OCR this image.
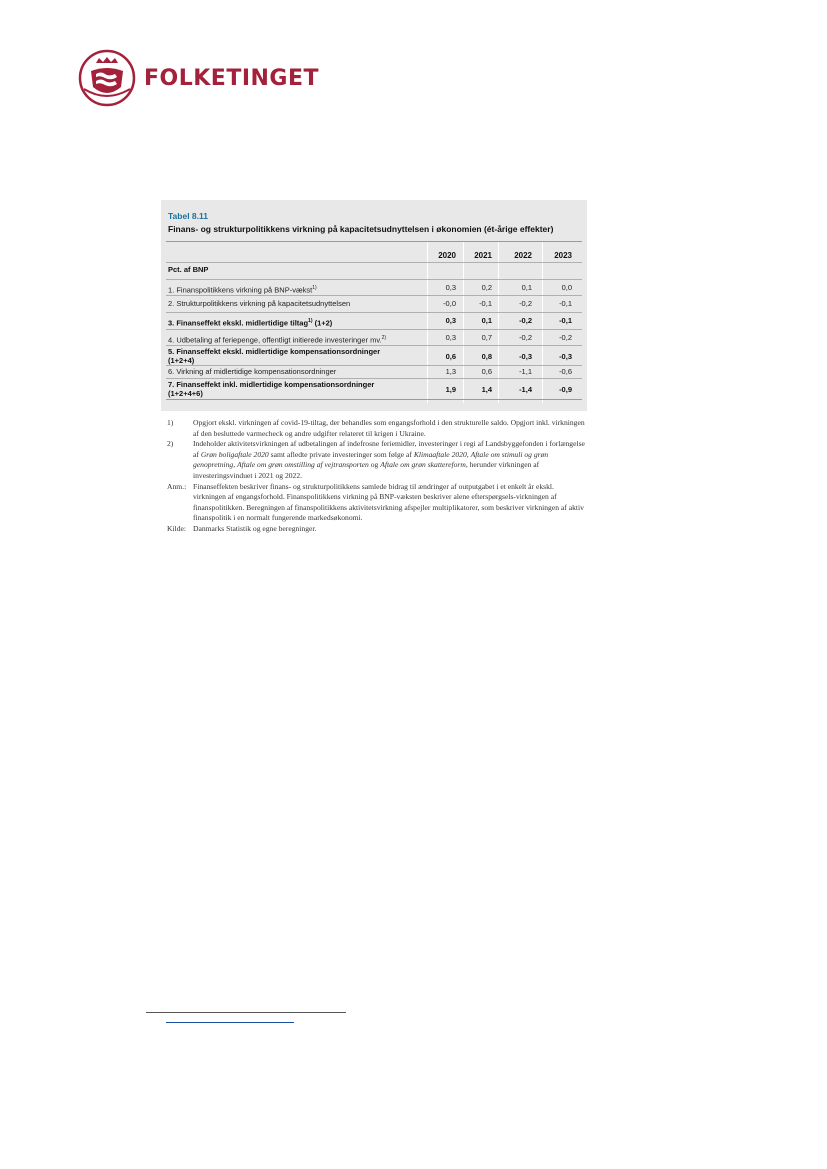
FOLKETINGET
Tabel 8.11
Finans- og strukturpolitikkens virkning på kapacitetsudnyttelsen i økonomien (ét-årige effekter)
2020	2021	2022	2023
Pct. af BNP
1. Finanspolitikkens virkning på BNP-vækst$^{1)}$	0,3	0,2	0,1	0,0
2. Strukturpolitikkens virkning på kapacitetsudnyttelsen	-0,0	-0,1	-0,2	-0,1
3. Finanseffekt ekskl. midlertidige tiltag$^{1)}$ (1+2)	0,3	0,1	-0,2	-0,1
4. Udbetaling af feriepenge, offentligt initierede investeringer mv.$^{2)}$	0,3	0,7	-0,2	-0,2
5. Finanseffekt ekskl. midlertidige kompensationsordninger
(1+2+4)	0,6	0,8	-0,3	-0,3
6. Virkning af midlertidige kompensationsordninger	1,3	0,6	-1,1	-0,6
7. Finanseffekt inkl. midlertidige kompensationsordninger
(1+2+4+6)	1,9	1,4	-1,4	-0,9
1)	Opgjort ekskl. virkningen af covid-19-tiltag, der behandles som engangsforhold i den strukturelle saldo. Opgjort inkl. virkningen af den besluttede varmecheck og andre udgifter relateret til krigen i Ukraine.
2)	Indeholder aktivitetsvirkningen af udbetalingen af indefrosne feriemidler, investeringer i regi af Landsbyggefonden i forlængelse af Grøn boligaftale 2020 samt afledte private investeringer som følge af Klimaaftale 2020, Aftale om stimuli og grøn genopretning, Aftale om grøn omstilling af vejtransporten og Aftale om grøn skattereform, herunder virkningen af investeringsvinduet i 2021 og 2022.
Anm.: Finanseffekten beskriver finans- og strukturpolitikkens samlede bidrag til ændringer af outputgabet i et enkelt år ekskl. virkningen af engangsforhold. Finanspolitikkens virkning på BNP-væksten beskriver alene efterspørgsels-virkningen af finanspolitikken. Beregningen af finanspolitikkens aktivitetsvirkning afspejler multiplikatorer, som beskriver virkningen af aktiv finanspolitik i en normalt fungerende markedsøkonomi.
Kilde: Danmarks Statistik og egne beregninger.
